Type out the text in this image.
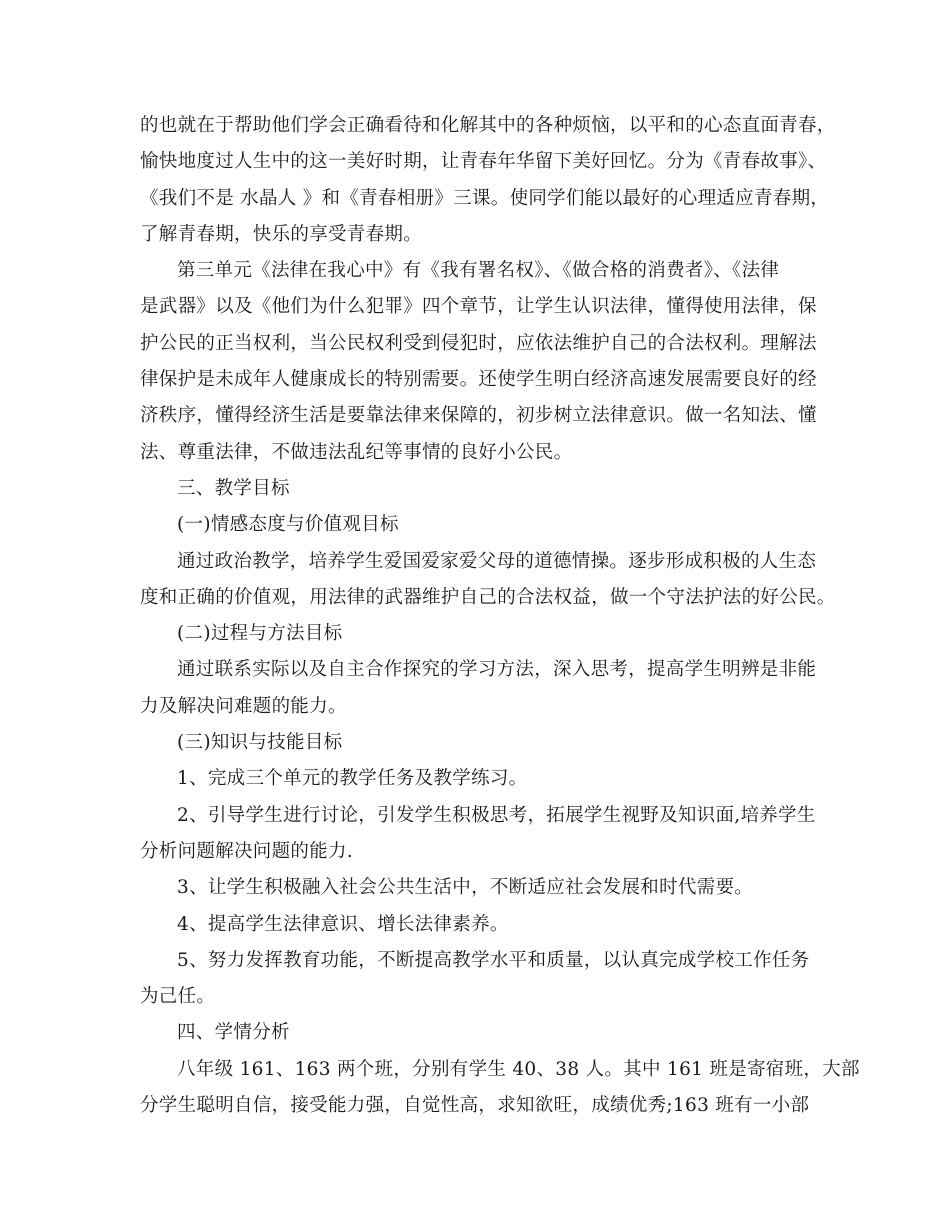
的也就在于帮助他们学会正确看待和化解其中的各种烦恼，以平和的心态直面青春，
愉快地度过人生中的这一美好时期，让青春年华留下美好回忆。分为《青春故事》、
《我们不是 水晶人 》和《青春相册》三课。使同学们能以最好的心理适应青春期，
了解青春期，快乐的享受青春期。
第三单元《法律在我心中》有《我有署名权》、《做合格的消费者》、《法律
是武器》以及《他们为什么犯罪》四个章节，让学生认识法律，懂得使用法律，保
护公民的正当权利，当公民权利受到侵犯时，应依法维护自己的合法权利。理解法
律保护是未成年人健康成长的特别需要。还使学生明白经济高速发展需要良好的经
济秩序，懂得经济生活是要靠法律来保障的，初步树立法律意识。做一名知法、懂
法、尊重法律，不做违法乱纪等事情的良好小公民。
三、教学目标
(一)情感态度与价值观目标
通过政治教学，培养学生爱国爱家爱父母的道德情操。逐步形成积极的人生态
度和正确的价值观，用法律的武器维护自己的合法权益，做一个守法护法的好公民。
(二)过程与方法目标
通过联系实际以及自主合作探究的学习方法，深入思考，提高学生明辨是非能
力及解决问难题的能力。
(三)知识与技能目标
1、完成三个单元的教学任务及教学练习。
2、引导学生进行讨论，引发学生积极思考，拓展学生视野及知识面,培养学生
分析问题解决问题的能力.
3、让学生积极融入社会公共生活中，不断适应社会发展和时代需要。
4、提高学生法律意识、增长法律素养。
5、努力发挥教育功能，不断提高教学水平和质量，以认真完成学校工作任务
为己任。
四、学情分析
八年级 161、163 两个班，分别有学生 40、38 人。其中 161 班是寄宿班，大部
分学生聪明自信，接受能力强，自觉性高，求知欲旺，成绩优秀;163 班有一小部
